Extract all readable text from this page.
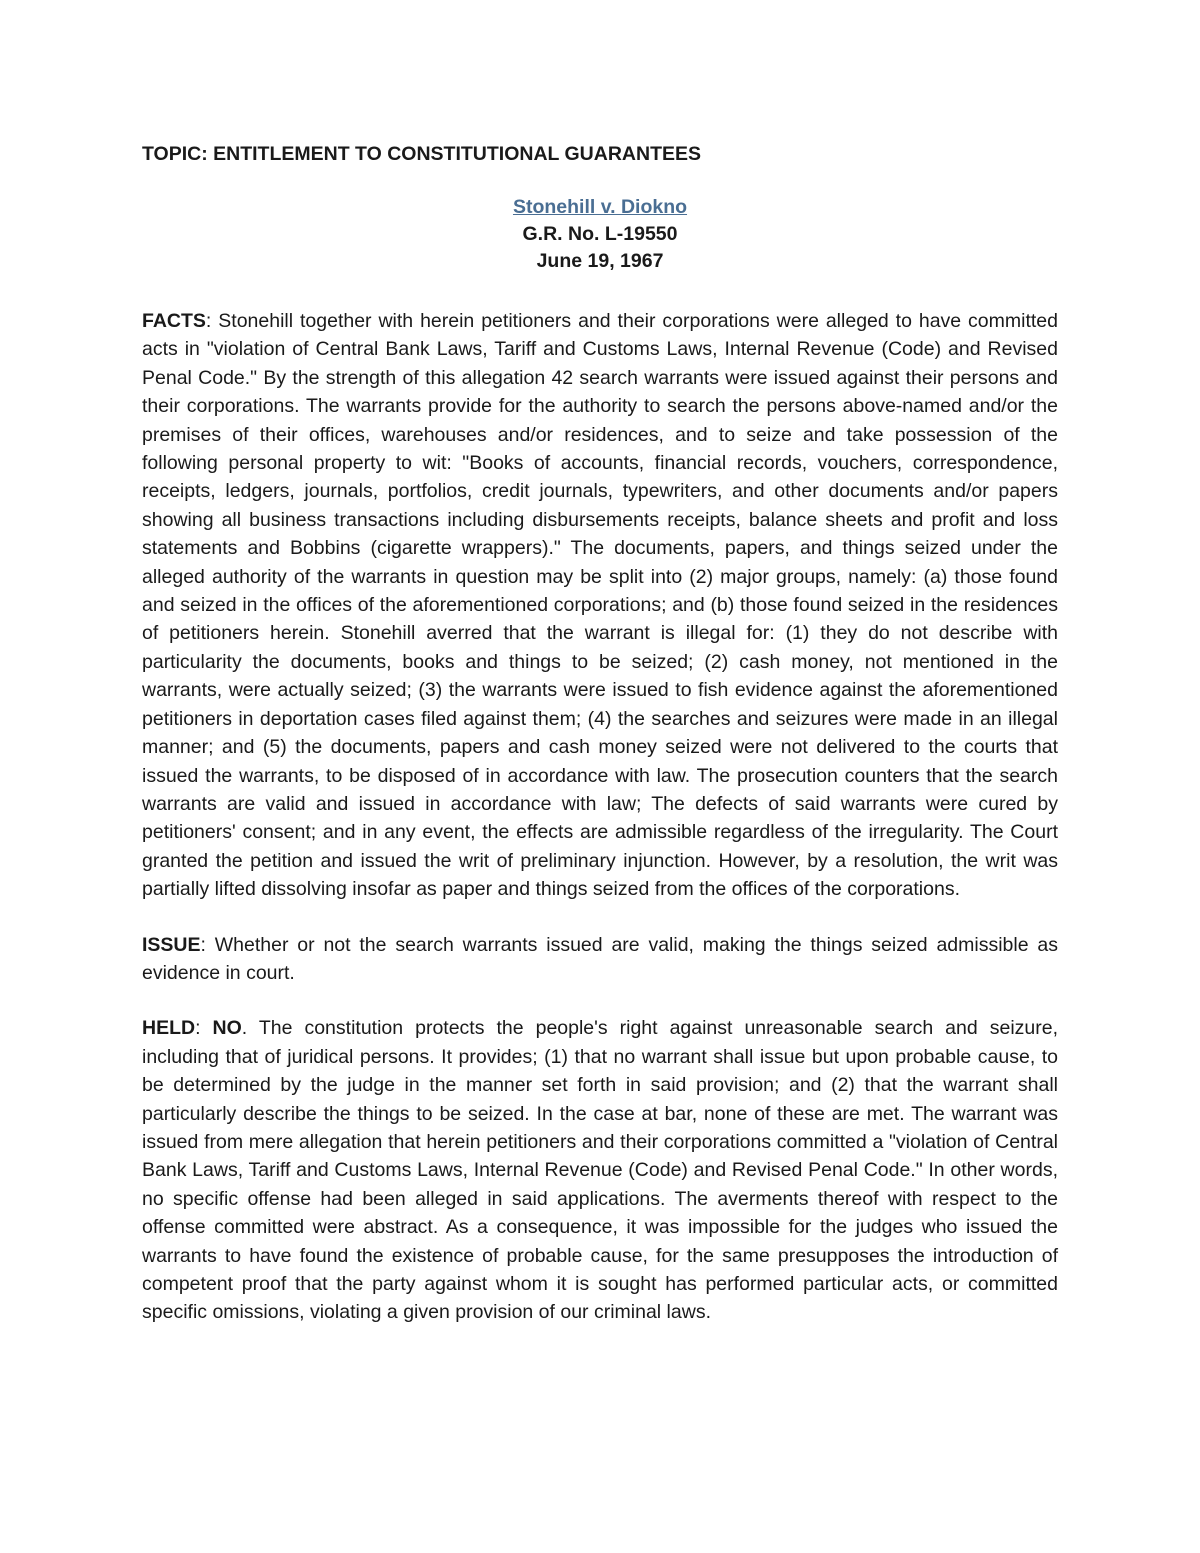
TOPIC: ENTITLEMENT TO CONSTITUTIONAL GUARANTEES

Stonehill v. Diokno
G.R. No. L-19550
June 19, 1967

FACTS: Stonehill together with herein petitioners and their corporations were alleged to have committed acts in "violation of Central Bank Laws, Tariff and Customs Laws, Internal Revenue (Code) and Revised Penal Code." By the strength of this allegation 42 search warrants were issued against their persons and their corporations. The warrants provide for the authority to search the persons above-named and/or the premises of their offices, warehouses and/or residences, and to seize and take possession of the following personal property to wit: "Books of accounts, financial records, vouchers, correspondence, receipts, ledgers, journals, portfolios, credit journals, typewriters, and other documents and/or papers showing all business transactions including disbursements receipts, balance sheets and profit and loss statements and Bobbins (cigarette wrappers)." The documents, papers, and things seized under the alleged authority of the warrants in question may be split into (2) major groups, namely: (a) those found and seized in the offices of the aforementioned corporations; and (b) those found seized in the residences of petitioners herein. Stonehill averred that the warrant is illegal for: (1) they do not describe with particularity the documents, books and things to be seized; (2) cash money, not mentioned in the warrants, were actually seized; (3) the warrants were issued to fish evidence against the aforementioned petitioners in deportation cases filed against them; (4) the searches and seizures were made in an illegal manner; and (5) the documents, papers and cash money seized were not delivered to the courts that issued the warrants, to be disposed of in accordance with law. The prosecution counters that the search warrants are valid and issued in accordance with law; The defects of said warrants were cured by petitioners' consent; and in any event, the effects are admissible regardless of the irregularity. The Court granted the petition and issued the writ of preliminary injunction. However, by a resolution, the writ was partially lifted dissolving insofar as paper and things seized from the offices of the corporations.

ISSUE: Whether or not the search warrants issued are valid, making the things seized admissible as evidence in court.

HELD: NO. The constitution protects the people's right against unreasonable search and seizure, including that of juridical persons. It provides; (1) that no warrant shall issue but upon probable cause, to be determined by the judge in the manner set forth in said provision; and (2) that the warrant shall particularly describe the things to be seized. In the case at bar, none of these are met. The warrant was issued from mere allegation that herein petitioners and their corporations committed a "violation of Central Bank Laws, Tariff and Customs Laws, Internal Revenue (Code) and Revised Penal Code." In other words, no specific offense had been alleged in said applications. The averments thereof with respect to the offense committed were abstract. As a consequence, it was impossible for the judges who issued the warrants to have found the existence of probable cause, for the same presupposes the introduction of competent proof that the party against whom it is sought has performed particular acts, or committed specific omissions, violating a given provision of our criminal laws.
